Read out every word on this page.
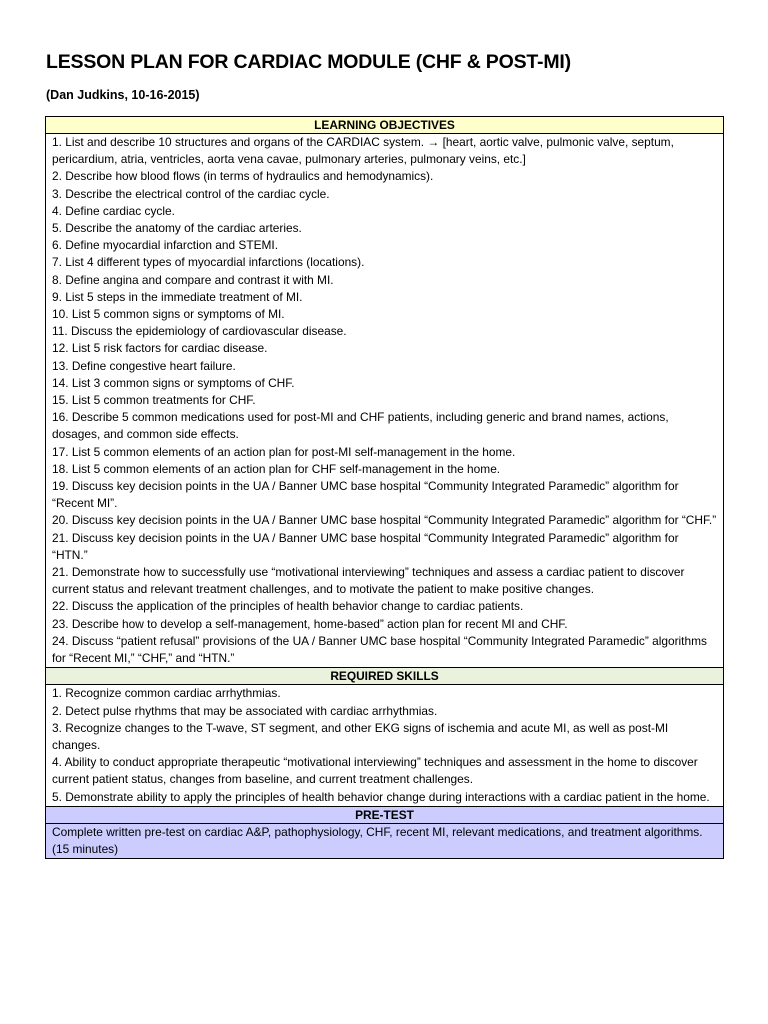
LESSON PLAN FOR CARDIAC MODULE (CHF & POST-MI)
(Dan Judkins, 10-16-2015)
LEARNING OBJECTIVES

1. List and describe 10 structures and organs of the CARDIAC system. → [heart, aortic valve, pulmonic valve, septum, pericardium, atria, ventricles, aorta vena cavae, pulmonary arteries, pulmonary veins, etc.]
2. Describe how blood flows (in terms of hydraulics and hemodynamics).
3. Describe the electrical control of the cardiac cycle.
4. Define cardiac cycle.
5. Describe the anatomy of the cardiac arteries.
6. Define myocardial infarction and STEMI.
7. List 4 different types of myocardial infarctions (locations).
8. Define angina and compare and contrast it with MI.
9. List 5 steps in the immediate treatment of MI.
10. List 5 common signs or symptoms of MI.
11. Discuss the epidemiology of cardiovascular disease.
12. List 5 risk factors for cardiac disease.
13. Define congestive heart failure.
14. List 3 common signs or symptoms of CHF.
15. List 5 common treatments for CHF.
16. Describe 5 common medications used for post-MI and CHF patients, including generic and brand names, actions, dosages, and common side effects.
17. List 5 common elements of an action plan for post-MI self-management in the home.
18. List 5 common elements of an action plan for CHF self-management in the home.
19. Discuss key decision points in the UA / Banner UMC base hospital “Community Integrated Paramedic” algorithm for “Recent MI”.
20. Discuss key decision points in the UA / Banner UMC base hospital “Community Integrated Paramedic” algorithm for “CHF.”
21. Discuss key decision points in the UA / Banner UMC base hospital “Community Integrated Paramedic” algorithm for “HTN.”
21. Demonstrate how to successfully use “motivational interviewing” techniques and assess a cardiac patient to discover current status and relevant treatment challenges, and to motivate the patient to make positive changes.
22. Discuss the application of the principles of health behavior change to cardiac patients.
23. Describe how to develop a self-management, home-based” action plan for recent MI and CHF.
24. Discuss “patient refusal” provisions of the UA / Banner UMC base hospital “Community Integrated Paramedic” algorithms for “Recent MI,” “CHF,” and “HTN.”

REQUIRED SKILLS

1. Recognize common cardiac arrhythmias.
2. Detect pulse rhythms that may be associated with cardiac arrhythmias.
3. Recognize changes to the T-wave, ST segment, and other EKG signs of ischemia and acute MI, as well as post-MI changes.
4. Ability to conduct appropriate therapeutic “motivational interviewing” techniques and assessment in the home to discover current patient status, changes from baseline, and current treatment challenges.
5. Demonstrate ability to apply the principles of health behavior change during interactions with a cardiac patient in the home.

PRE-TEST
Complete written pre-test on cardiac A&P, pathophysiology, CHF, recent MI, relevant medications, and treatment algorithms. (15 minutes)
